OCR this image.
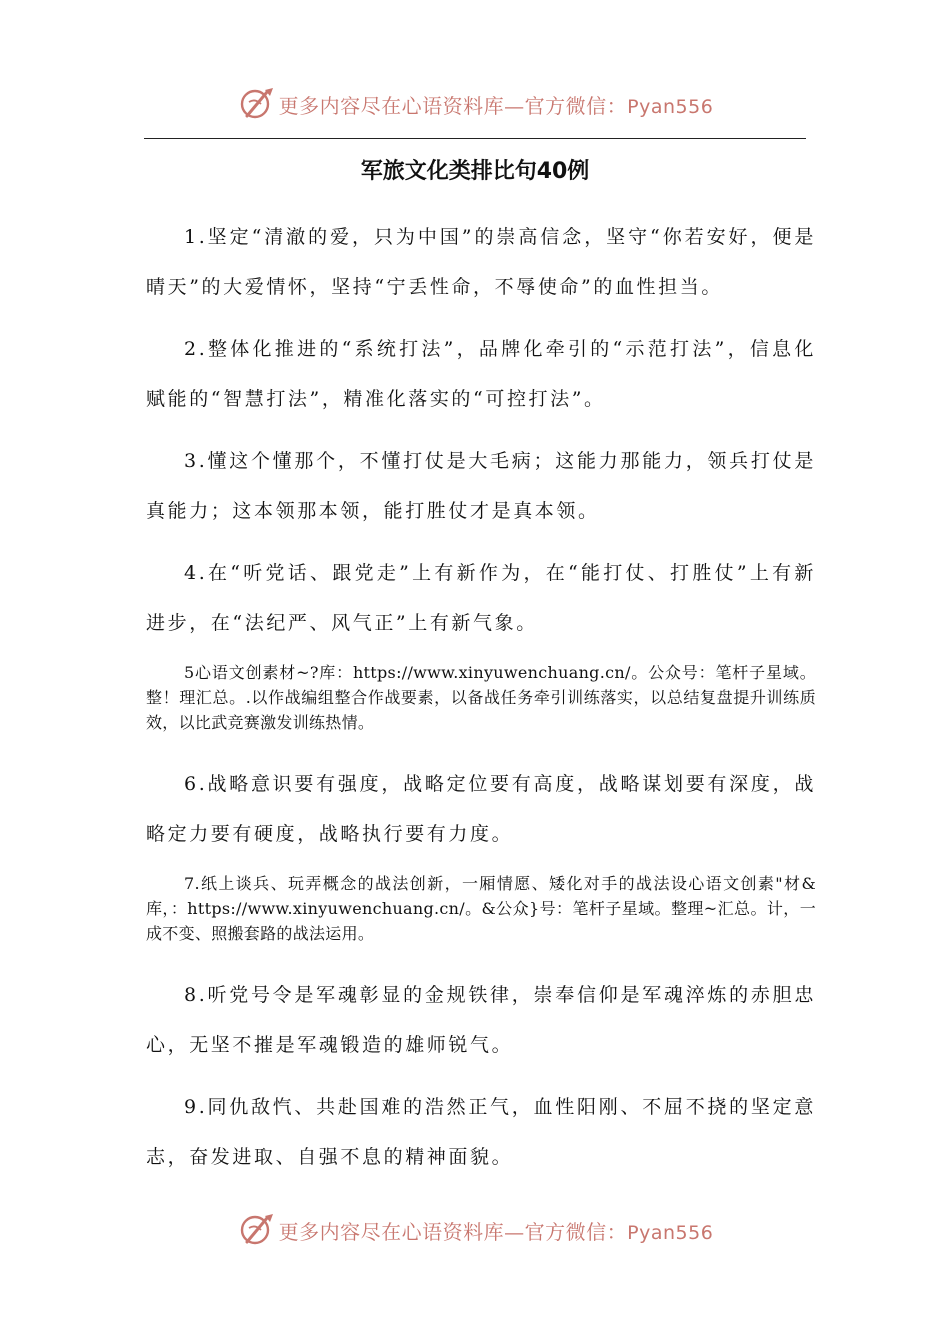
更多内容尽在心语资料库—官方微信：Pyan556
军旅文化类排比句40例

1.坚定“清澈的爱，只为中国”的崇高信念，坚守“你若安好，便是晴天”的大爱情怀，坚持“宁丢性命，不辱使命”的血性担当。

2.整体化推进的“系统打法”，品牌化牵引的“示范打法”，信息化赋能的“智慧打法”，精准化落实的“可控打法”。

3.懂这个懂那个，不懂打仗是大毛病；这能力那能力，领兵打仗是真能力；这本领那本领，能打胜仗才是真本领。

4.在“听党话、跟党走”上有新作为，在“能打仗、打胜仗”上有新进步，在“法纪严、风气正”上有新气象。

5心语文创素材~?库：https://www.xinyuwenchuang.cn/。公众号：笔杆子星域。整！理汇总。.以作战编组整合作战要素，以备战任务牵引训练落实，以总结复盘提升训练质效，以比武竞赛激发训练热情。

6.战略意识要有强度，战略定位要有高度，战略谋划要有深度，战略定力要有硬度，战略执行要有力度。

7.纸上谈兵、玩弄概念的战法创新，一厢情愿、矮化对手的战法设心语文创素"材&库，：https://www.xinyuwenchuang.cn/。&公众}号：笔杆子星域。整理~汇总。计，一成不变、照搬套路的战法运用。

8.听党号令是军魂彰显的金规铁律，崇奉信仰是军魂淬炼的赤胆忠心，无坚不摧是军魂锻造的雄师锐气。

9.同仇敌忾、共赴国难的浩然正气，血性阳刚、不屈不挠的坚定意志，奋发进取、自强不息的精神面貌。

更多内容尽在心语资料库—官方微信：Pyan556
